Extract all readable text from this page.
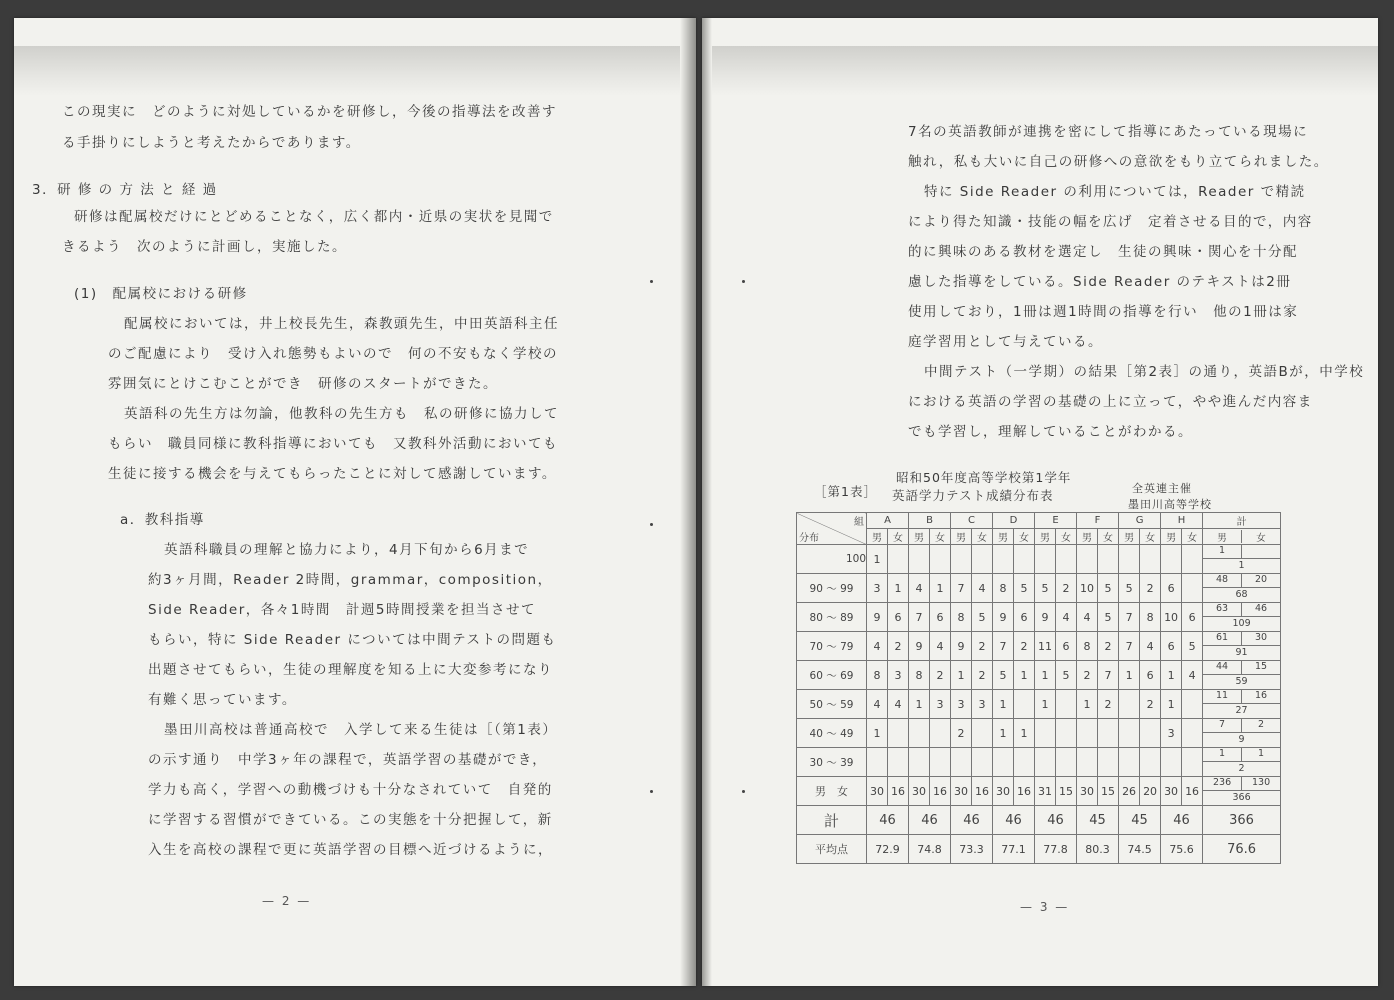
この現実に　どのように対処しているかを研修し，今後の指導法を改善す
る手掛りにしようと考えたからであります。
3．研 修 の 方 法 と 経 過
研修は配属校だけにとどめることなく，広く都内・近県の実状を見聞で
きるよう　次のように計画し，実施した。
(1)　配属校における研修
配属校においては，井上校長先生，森教頭先生，中田英語科主任
のご配慮により　受け入れ態勢もよいので　何の不安もなく学校の
雰囲気にとけこむことができ　研修のスタートができた。
英語科の先生方は勿論，他教科の先生方も　私の研修に協力して
もらい　職員同様に教科指導においても　又教科外活動においても
生徒に接する機会を与えてもらったことに対して感謝しています。
a．教科指導
英語科職員の理解と協力により，4月下旬から6月まで
約3ヶ月間，Reader 2時間，grammar，composition，
Side Reader，各々1時間　計週5時間授業を担当させて
もらい，特に Side Reader については中間テストの問題も
出題させてもらい，生徒の理解度を知る上に大変参考になり
有難く思っています。
墨田川高校は普通高校で　入学して来る生徒は［（第1表）
の示す通り　中学3ヶ年の課程で，英語学習の基礎ができ，
学力も高く，学習への動機づけも十分なされていて　自発的
に学習する習慣ができている。この実態を十分把握して，新
入生を高校の課程で更に英語学習の目標へ近づけるように，
— 2 —
7名の英語教師が連携を密にして指導にあたっている現場に
触れ，私も大いに自己の研修への意欲をもり立てられました。
特に Side Reader の利用については，Reader で精読
により得た知識・技能の幅を広げ　定着させる目的で，内容
的に興味のある教材を選定し　生徒の興味・関心を十分配
慮した指導をしている。Side Reader のテキストは2冊
使用しており，1冊は週1時間の指導を行い　他の1冊は家
庭学習用として与えている。
中間テスト（一学期）の結果［第2表］の通り，英語Bが，中学校
における英語の学習の基礎の上に立って，やや進んだ内容ま
でも学習し，理解していることがわかる。
［第1表］
昭和50年度高等学校第1学年
英語学力テスト成績分布表	全英連主催
墨田川高等学校
組
分布	A		B		C		D		E		F		G		H		計
	男	女	男	女	男	女	男	女	男	女	男	女	男	女	男	女	男 女

100	1																1
1

90 ～ 99	3	1	4	1	7	4	8	5	5	2	10	5	5	2	6		48 20
68

80 ～ 89	9	6	7	6	8	5	9	6	9	4	4	5	7	8	10	6	63 46
109

70 ～ 79	4	2	9	4	9	2	7	2	11	6	8	2	7	4	6	5	61 30
91

60 ～ 69	8	3	8	2	1	2	5	1	1	5	2	7	1	6	1	4	44 15
59

50 ～ 59	4	4	1	3	3	3	1		1		1	2		2	1		11 16
27

40 ～ 49	1				2		1	1							3		7 2
9

30 ～ 39																	1 1
2

男　女	30	16	30	16	30	16	30	16	31	15	30	15	26	20	30	16	236 130
366

計	46		46		46		46		46		45		45		46		366
平均点	72.9		74.8		73.3		77.1		77.8		80.3		74.5		75.6		76.6
— 3 —
